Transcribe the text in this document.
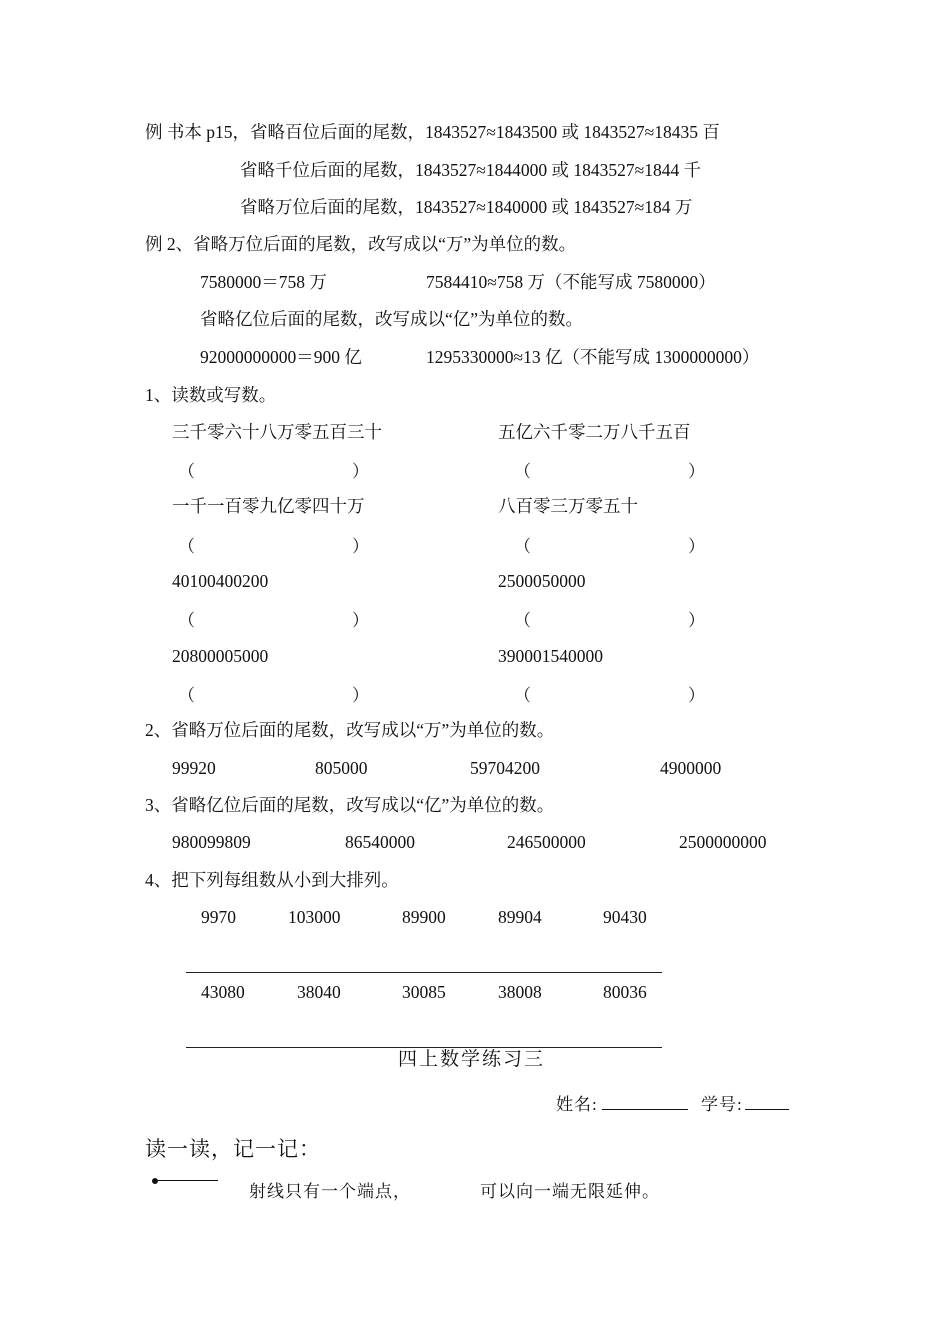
例 书本 p15，省略百位后面的尾数，1843527≈1843500 或 1843527≈18435 百
省略千位后面的尾数，1843527≈1844000 或 1843527≈1844 千
省略万位后面的尾数，1843527≈1840000 或 1843527≈184 万
例 2、省略万位后面的尾数，改写成以“万”为单位的数。
7580000＝758 万	7584410≈758 万（不能写成 7580000）
省略亿位后面的尾数，改写成以“亿”为单位的数。
92000000000＝900 亿	1295330000≈13 亿（不能写成 1300000000）
1、读数或写数。
三千零六十八万零五百三十	五亿六千零二万八千五百
（	）	（	）
一千一百零九亿零四十万	八百零三万零五十
（	）	（	）
40100400200	2500050000
（	）	（	）
20800005000	390001540000
（	）	（	）
2、省略万位后面的尾数，改写成以“万”为单位的数。
99920	805000	59704200	4900000
3、省略亿位后面的尾数，改写成以“亿”为单位的数。
980099809	86540000	246500000	2500000000
4、把下列每组数从小到大排列。
9970	103000	89900	89904	90430
43080	38040	30085	38008	80036
四上数学练习三
姓名:	学号:
读一读，记一记：
射线只有一个端点，	可以向一端无限延伸。
